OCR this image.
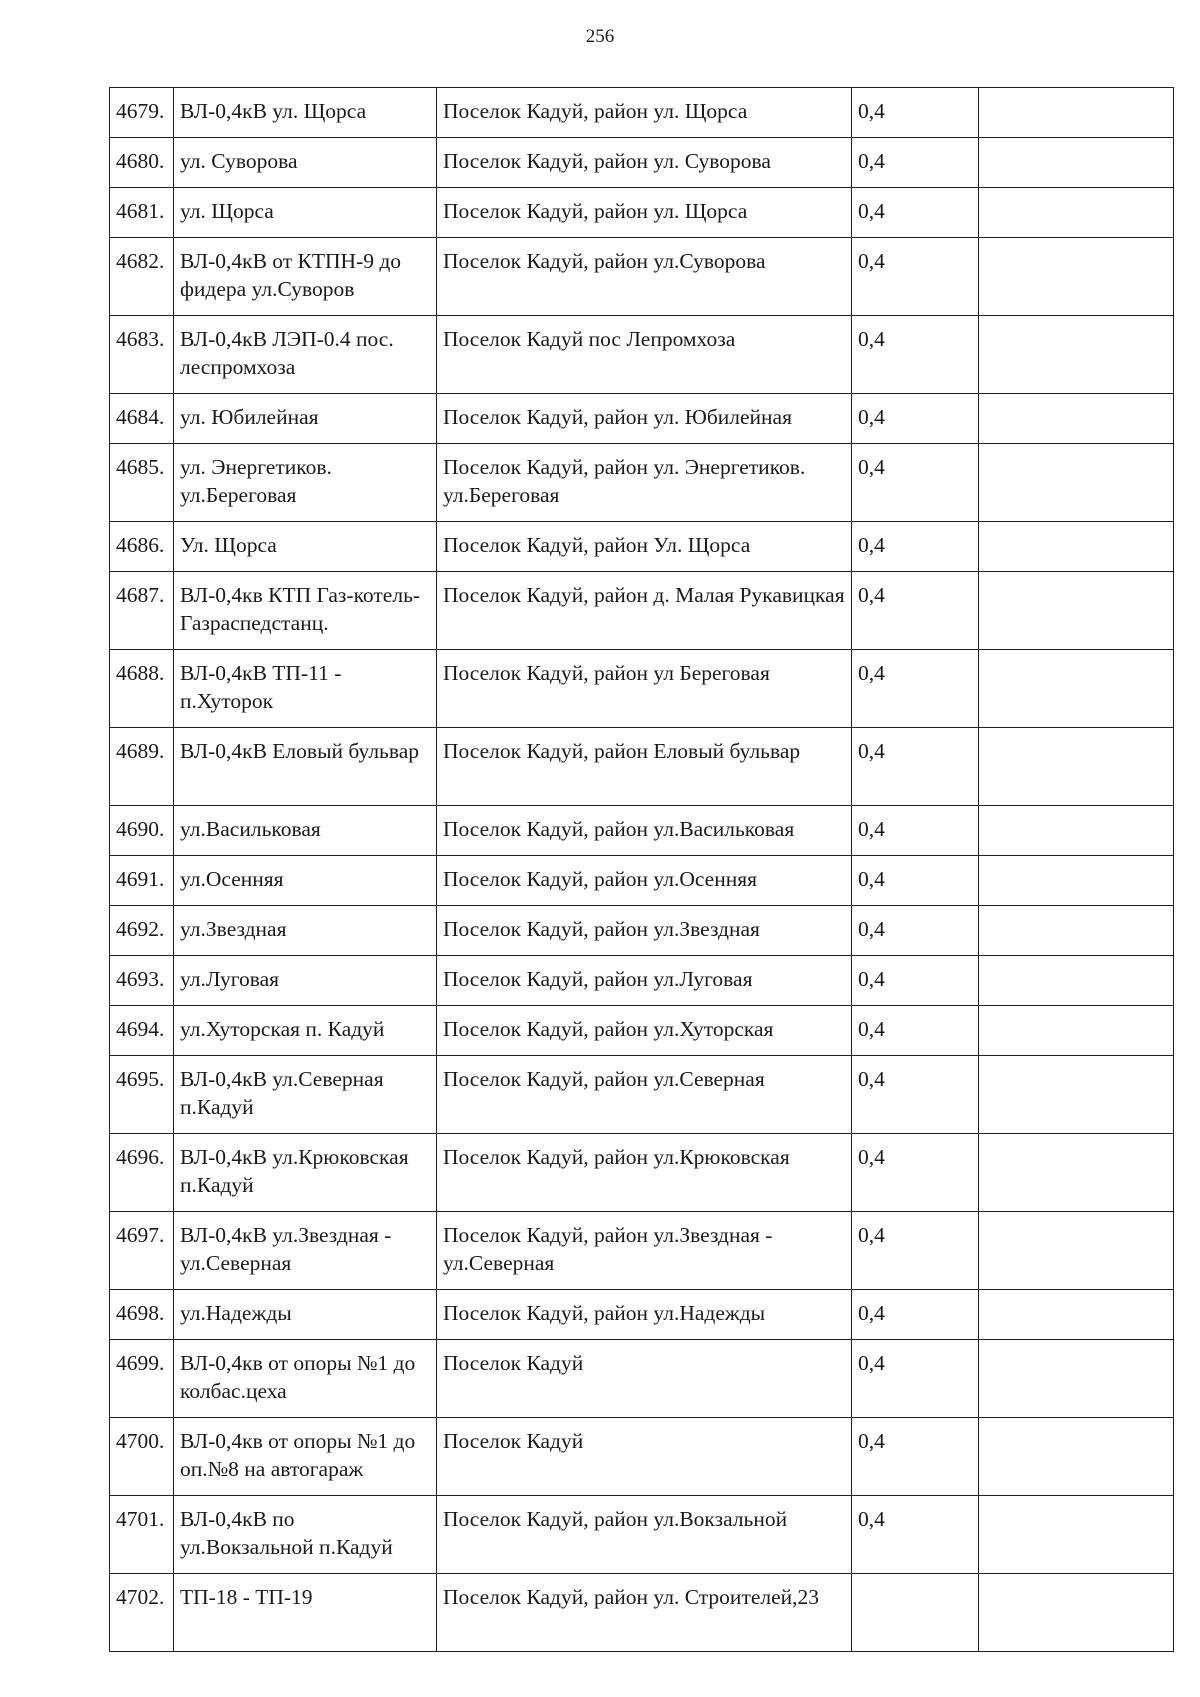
256
4679.	ВЛ-0,4кВ ул. Щорса	Поселок Кадуй, район ул. Щорса	0,4	
4680.	ул. Суворова	Поселок Кадуй, район ул. Суворова	0,4	
4681.	ул. Щорса	Поселок Кадуй, район ул. Щорса	0,4	
4682.	ВЛ-0,4кВ от КТПН-9 до фидера ул.Суворов	Поселок Кадуй, район ул.Суворова	0,4	
4683.	ВЛ-0,4кВ ЛЭП-0.4 пос. леспромхоза	Поселок Кадуй пос Лепромхоза	0,4	
4684.	ул. Юбилейная	Поселок Кадуй, район ул. Юбилейная	0,4	
4685.	ул. Энергетиков. ул.Береговая	Поселок Кадуй, район ул. Энергетиков. ул.Береговая	0,4	
4686.	Ул. Щорса	Поселок Кадуй, район Ул. Щорса	0,4	
4687.	ВЛ-0,4кв КТП Газ-котель-Газраспедстанц.	Поселок Кадуй, район д. Малая Рукавицкая	0,4	
4688.	ВЛ-0,4кВ ТП-11 - п.Хуторок	Поселок Кадуй, район ул Береговая	0,4	
4689.	ВЛ-0,4кВ Еловый бульвар	Поселок Кадуй, район Еловый бульвар	0,4	
4690.	ул.Васильковая	Поселок Кадуй, район ул.Васильковая	0,4	
4691.	ул.Осенняя	Поселок Кадуй, район ул.Осенняя	0,4	
4692.	ул.Звездная	Поселок Кадуй, район ул.Звездная	0,4	
4693.	ул.Луговая	Поселок Кадуй, район ул.Луговая	0,4	
4694.	ул.Хуторская п. Кадуй	Поселок Кадуй, район ул.Хуторская	0,4	
4695.	ВЛ-0,4кВ ул.Северная п.Кадуй	Поселок Кадуй, район ул.Северная	0,4	
4696.	ВЛ-0,4кВ ул.Крюковская п.Кадуй	Поселок Кадуй, район ул.Крюковская	0,4	
4697.	ВЛ-0,4кВ ул.Звездная - ул.Северная	Поселок Кадуй, район ул.Звездная - ул.Северная	0,4	
4698.	ул.Надежды	Поселок Кадуй, район ул.Надежды	0,4	
4699.	ВЛ-0,4кв от опоры №1 до колбас.цеха	Поселок Кадуй	0,4	
4700.	ВЛ-0,4кв от опоры №1 до оп.№8 на автогараж	Поселок Кадуй	0,4	
4701.	ВЛ-0,4кВ по ул.Вокзальной п.Кадуй	Поселок Кадуй, район ул.Вокзальной	0,4	
4702.	ТП-18 - ТП-19	Поселок Кадуй, район ул. Строителей,23		
